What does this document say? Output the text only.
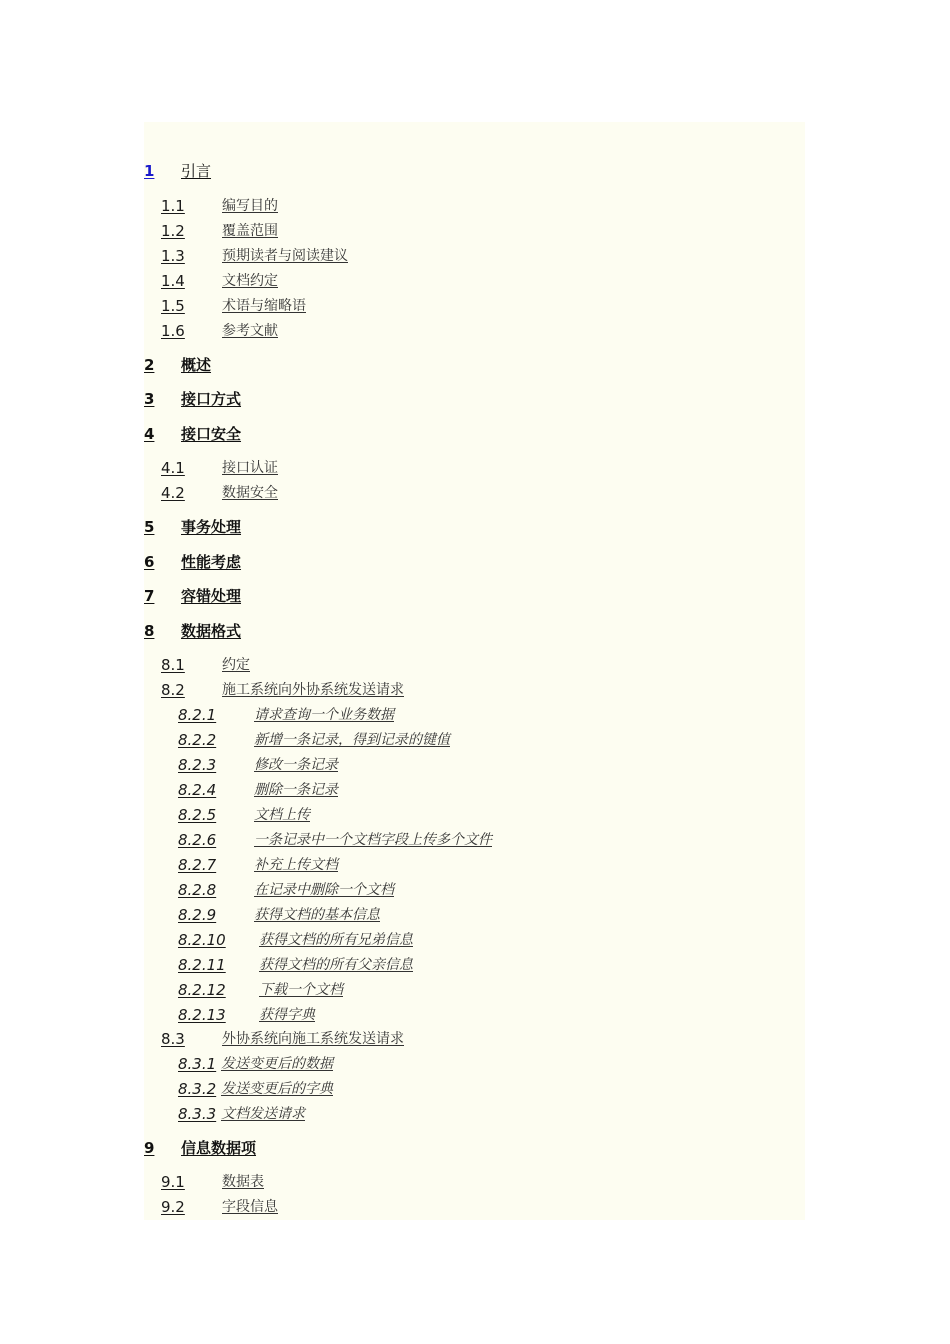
1 引言
1.1	编写目的
1.2	覆盖范围
1.3	预期读者与阅读建议
1.4	文档约定
1.5	术语与缩略语
1.6	参考文献
2 概述
3 接口方式
4 接口安全
4.1	接口认证
4.2	数据安全
5 事务处理
6 性能考虑
7 容错处理
8 数据格式
8.1	约定
8.2	施工系统向外协系统发送请求
8.2.1	请求查询一个业务数据
8.2.2	新增一条记录，得到记录的键值
8.2.3	修改一条记录
8.2.4	删除一条记录
8.2.5	文档上传
8.2.6	一条记录中一个文档字段上传多个文件
8.2.7	补充上传文档
8.2.8	在记录中删除一个文档
8.2.9	获得文档的基本信息
8.2.10 获得文档的所有兄弟信息
8.2.11 获得文档的所有父亲信息
8.2.12 下载一个文档
8.2.13 获得字典
8.3	外协系统向施工系统发送请求
8.3.1 发送变更后的数据
8.3.2 发送变更后的字典
8.3.3 文档发送请求
9 信息数据项
9.1	数据表
9.2	字段信息
